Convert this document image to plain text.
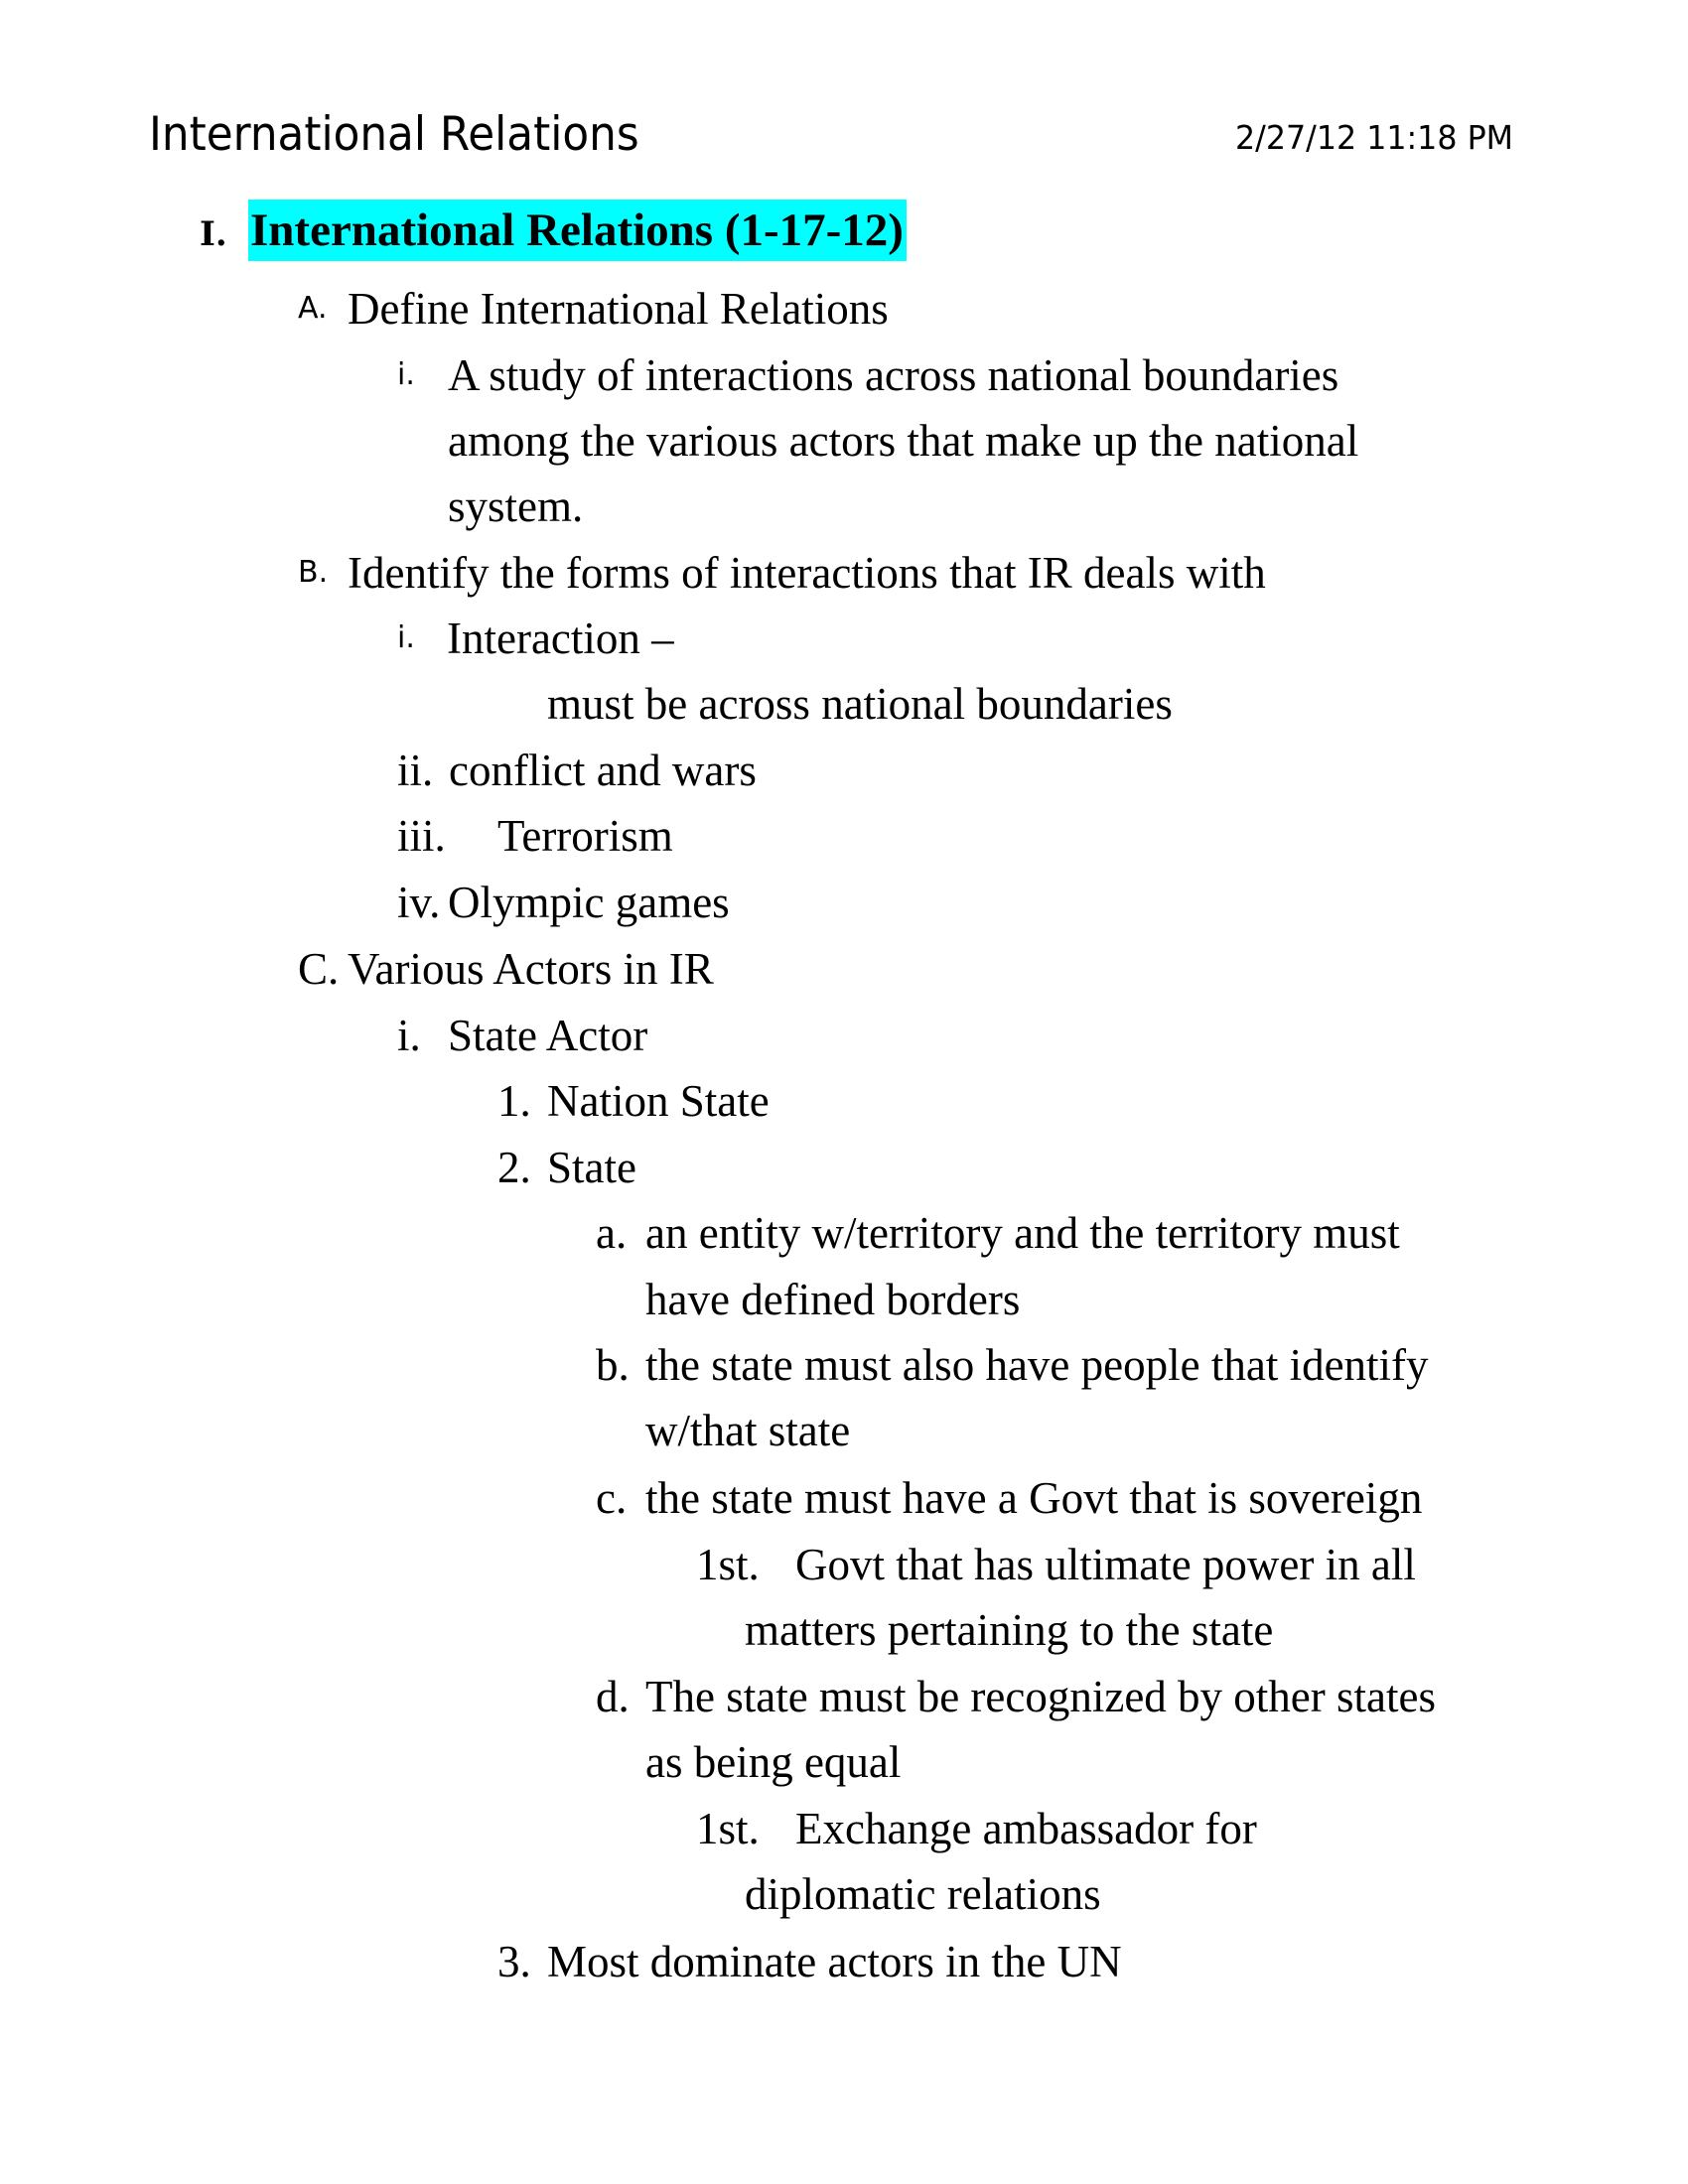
International Relations	2/27/12 11:18 PM
I. International Relations (1-17-12)
A. Define International Relations
i. A study of interactions across national boundaries
among the various actors that make up the national
system.
B. Identify the forms of interactions that IR deals with
i. Interaction –
must be across national boundaries
ii. conflict and wars
iii. Terrorism
iv. Olympic games
C. Various Actors in IR
i. State Actor
1. Nation State
2. State
a. an entity w/territory and the territory must
have defined borders
b. the state must also have people that identify
w/that state
c. the state must have a Govt that is sovereign
1st. Govt that has ultimate power in all
matters pertaining to the state
d. The state must be recognized by other states
as being equal
1st. Exchange ambassador for
diplomatic relations
3. Most dominate actors in the UN
